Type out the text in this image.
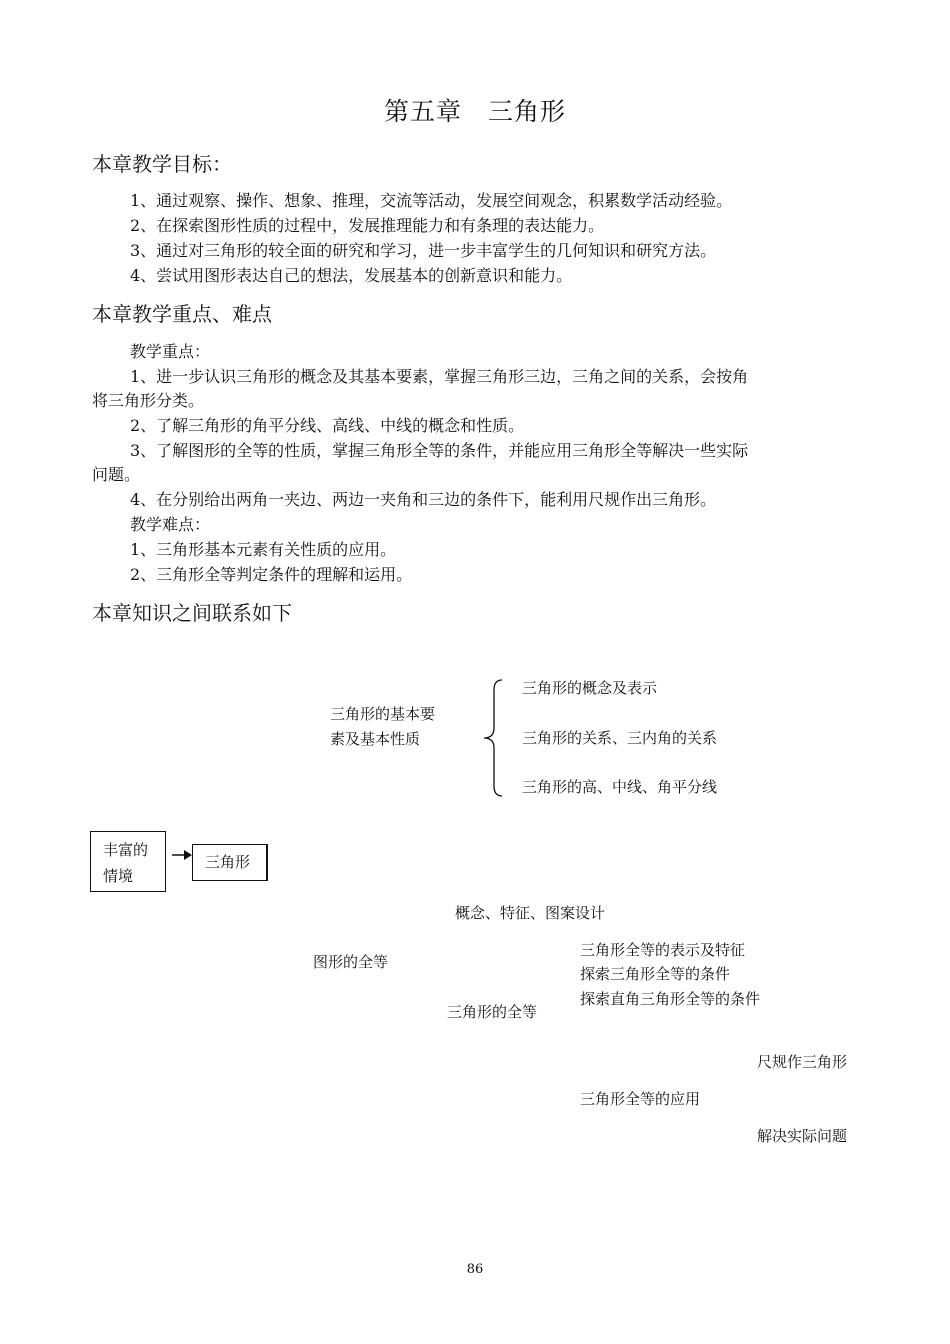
第五章　三角形
本章教学目标：
1、通过观察、操作、想象、推理，交流等活动，发展空间观念，积累数学活动经验。
2、在探索图形性质的过程中，发展推理能力和有条理的表达能力。
3、通过对三角形的较全面的研究和学习，进一步丰富学生的几何知识和研究方法。
4、尝试用图形表达自己的想法，发展基本的创新意识和能力。
本章教学重点、难点
教学重点：
1、进一步认识三角形的概念及其基本要素，掌握三角形三边，三角之间的关系，会按角
将三角形分类。
2、了解三角形的角平分线、高线、中线的概念和性质。
3、了解图形的全等的性质，掌握三角形全等的条件，并能应用三角形全等解决一些实际
问题。
4、在分别给出两角一夹边、两边一夹角和三边的条件下，能利用尺规作出三角形。
教学难点：
1、三角形基本元素有关性质的应用。
2、三角形全等判定条件的理解和运用。
本章知识之间联系如下
三角形的基本要
素及基本性质
三角形的概念及表示
三角形的关系、三内角的关系
三角形的高、中线、角平分线
丰富的
情境
三角形
概念、特征、图案设计
图形的全等
三角形全等的表示及特征
探索三角形全等的条件
探索直角三角形全等的条件
三角形的全等
尺规作三角形
三角形全等的应用
解决实际问题
86
